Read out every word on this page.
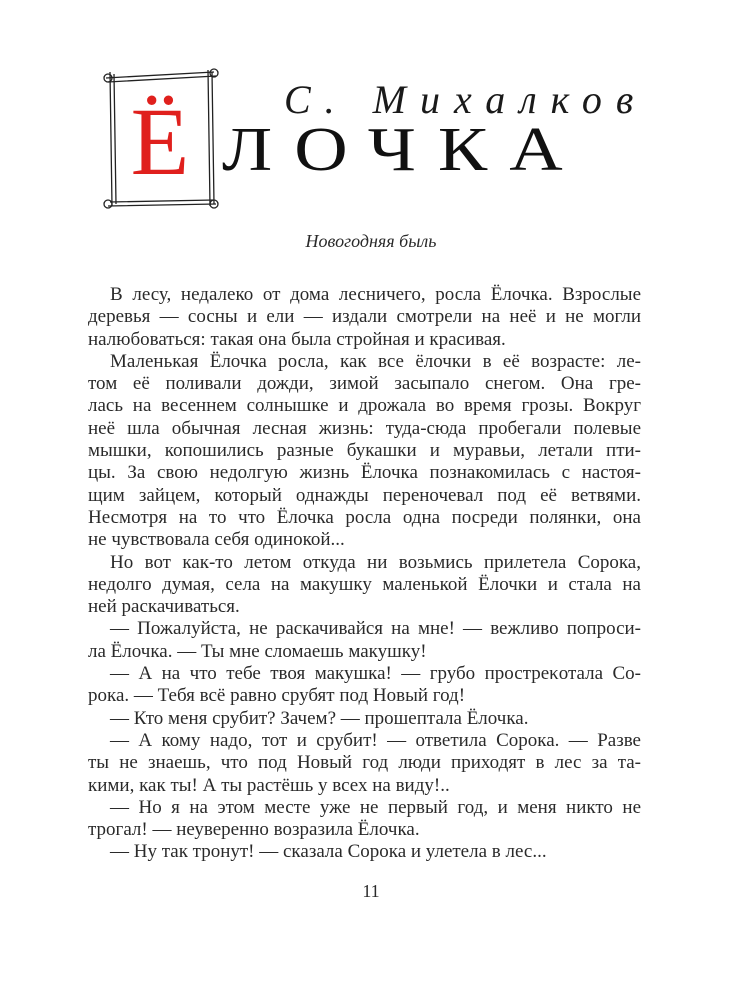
Ё	С. Михалков
ЛОЧКА
Новогодняя быль
В лесу, недалеко от дома лесничего, росла Ёлочка. Взрослые
деревья — сосны и ели — издали смотрели на неё и не могли
налюбоваться: такая она была стройная и красивая.
Маленькая Ёлочка росла, как все ёлочки в её возрасте: ле-
том её поливали дожди, зимой засыпало снегом. Она гре-
лась на весеннем солнышке и дрожала во время грозы. Вокруг
неё шла обычная лесная жизнь: туда-сюда пробегали полевые
мышки, копошились разные букашки и муравьи, летали пти-
цы. За свою недолгую жизнь Ёлочка познакомилась с настоя-
щим зайцем, который однажды переночевал под её ветвями.
Несмотря на то что Ёлочка росла одна посреди полянки, она
не чувствовала себя одинокой...
Но вот как-то летом откуда ни возьмись прилетела Сорока,
недолго думая, села на макушку маленькой Ёлочки и стала на
ней раскачиваться.
— Пожалуйста, не раскачивайся на мне! — вежливо попроси-
ла Ёлочка. — Ты мне сломаешь макушку!
— А на что тебе твоя макушка! — грубо простреκотала Со-
рока. — Тебя всё равно срубят под Новый год!
— Кто меня срубит? Зачем? — прошептала Ёлочка.
— А кому надо, тот и срубит! — ответила Сорока. — Разве
ты не знаешь, что под Новый год люди приходят в лес за та-
кими, как ты! А ты растёшь у всех на виду!..
— Но я на этом месте уже не первый год, и меня никто не
трогал! — неуверенно возразила Ёлочка.
— Ну так тронут! — сказала Сорока и улетела в лес...
11
